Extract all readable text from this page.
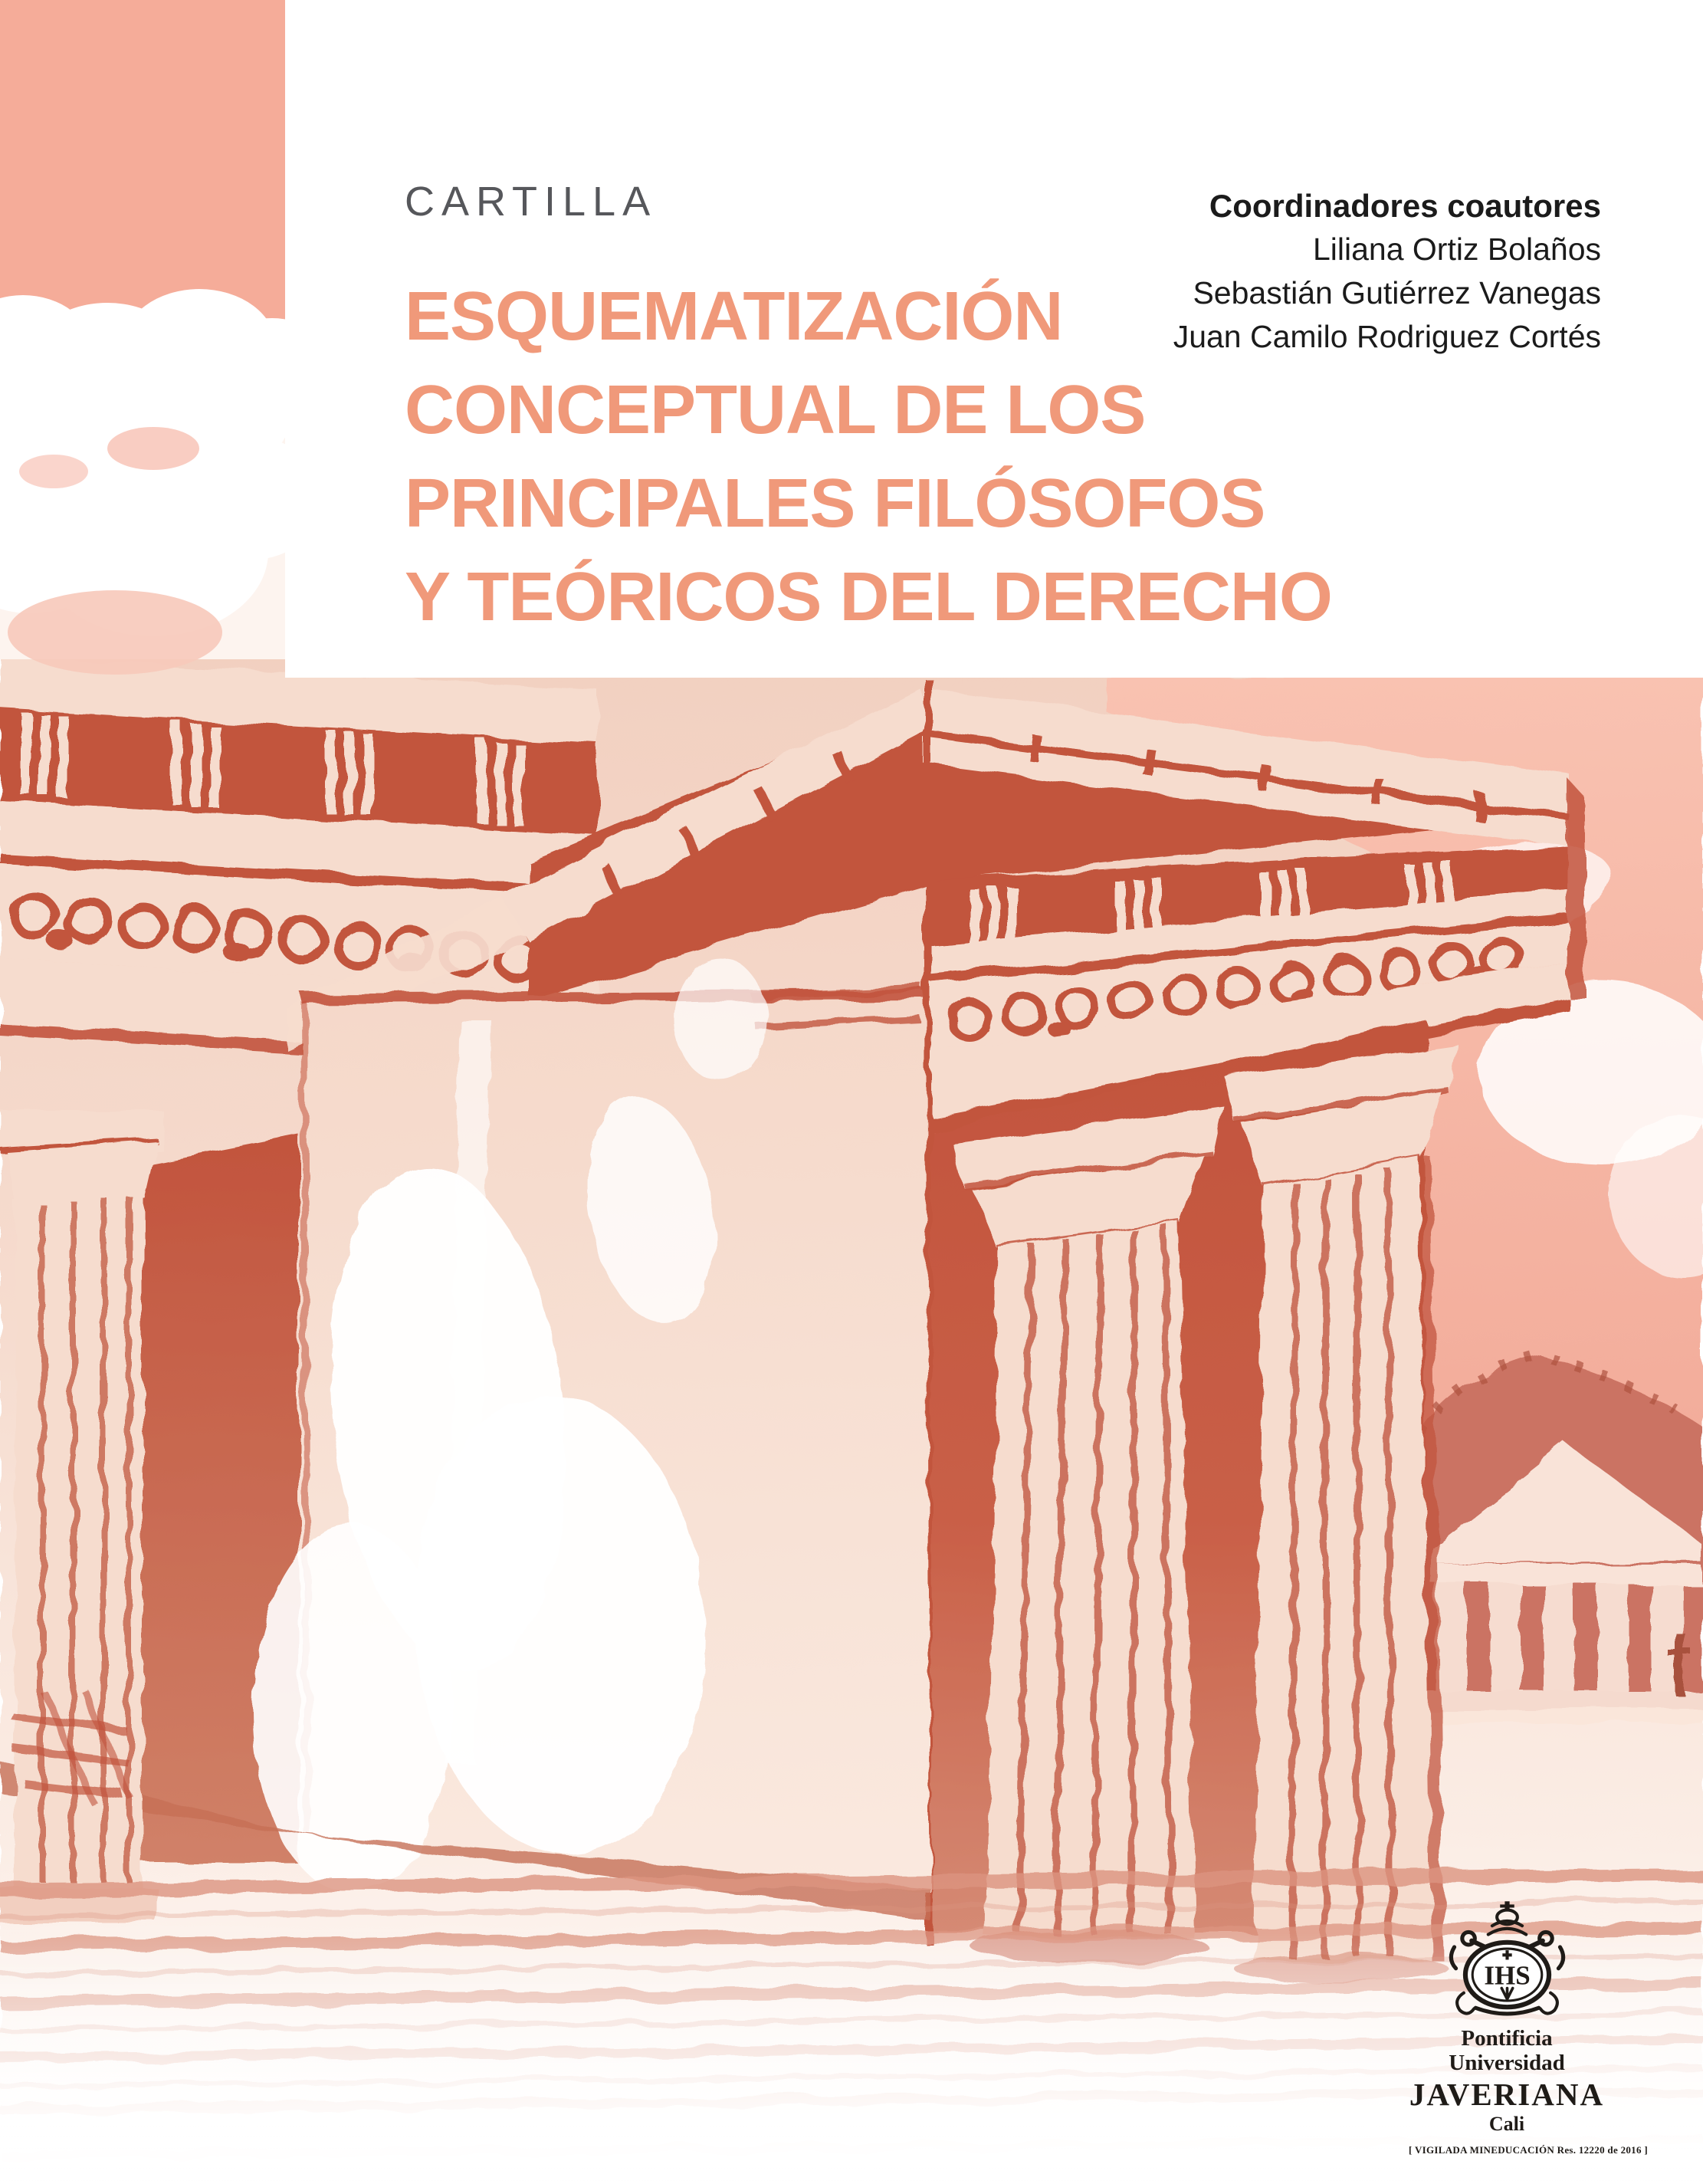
CARTILLA
ESQUEMATIZACIÓN
CONCEPTUAL DE LOS
PRINCIPALES FILÓSOFOS
Y TEÓRICOS DEL DERECHO
Coordinadores coautores
Liliana Ortiz Bolaños
Sebastián Gutiérrez Vanegas
Juan Camilo Rodriguez Cortés
IHS
Pontificia Universidad
JAVERIANA
Cali
[ VIGILADA MINEDUCACIÓN Res. 12220 de 2016 ]
